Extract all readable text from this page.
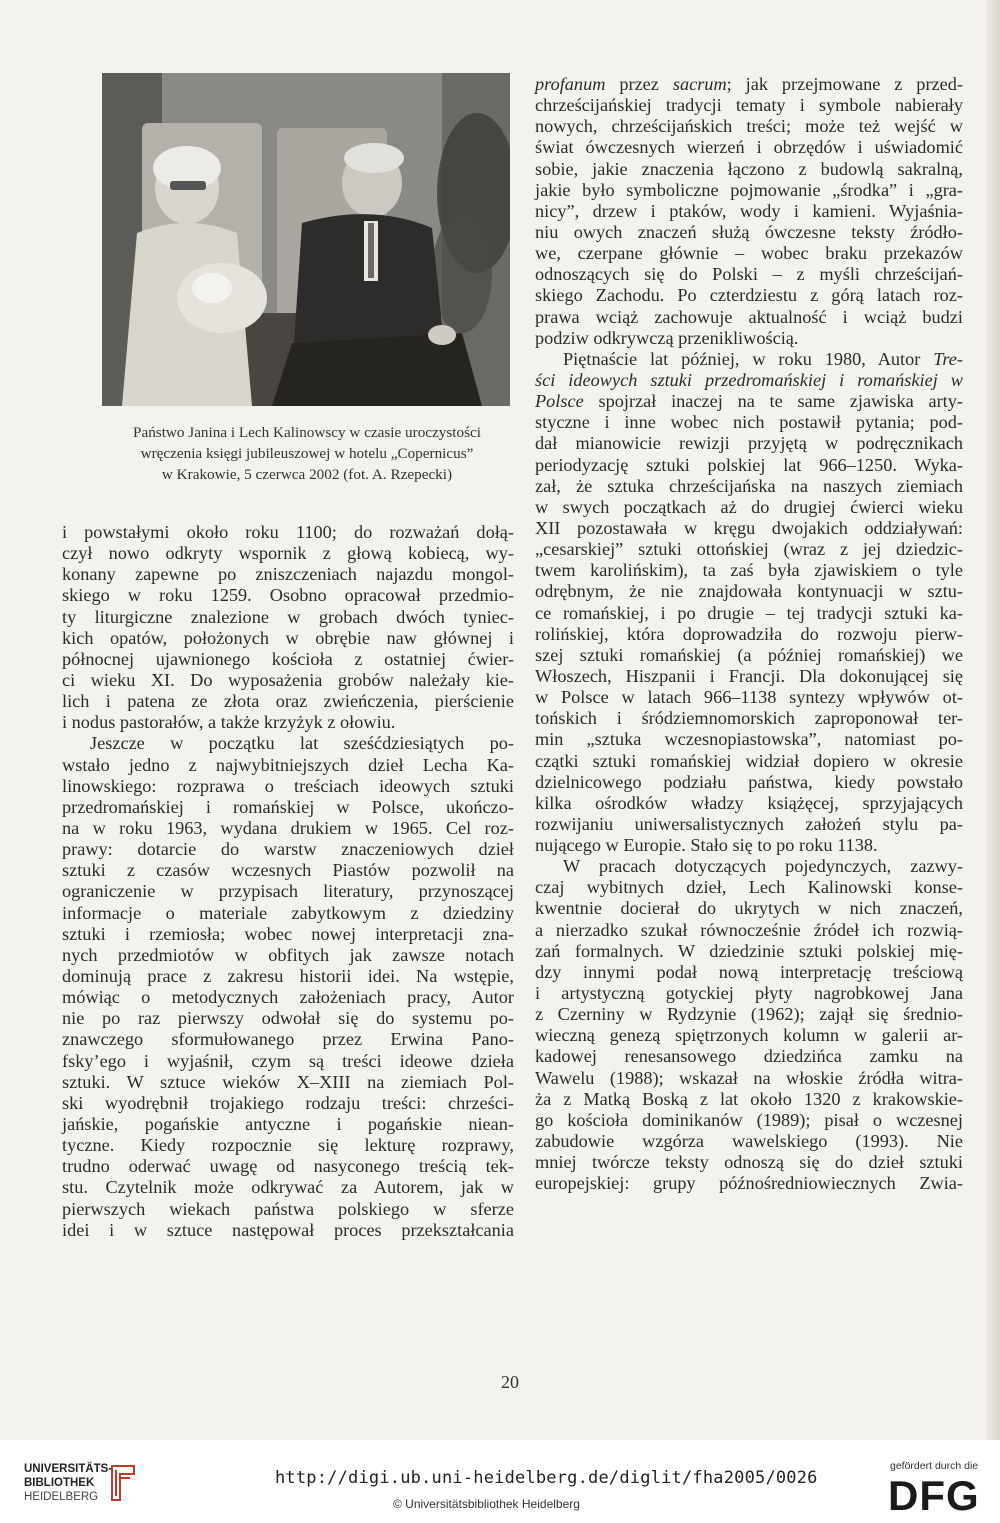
Państwo Janina i Lech Kalinowscy w czasie uroczystości
wręczenia księgi jubileuszowej w hotelu „Copernicus”
w Krakowie, 5 czerwca 2002 (fot. A. Rzepecki)
i powstałymi około roku 1100; do rozważań dołą-
czył nowo odkryty wspornik z głową kobiecą, wy-
konany zapewne po zniszczeniach najazdu mongol-
skiego w roku 1259. Osobno opracował przedmio-
ty liturgiczne znalezione w grobach dwóch tyniec-
kich opatów, położonych w obrębie naw głównej i
północnej ujawnionego kościoła z ostatniej ćwier-
ci wieku XI. Do wyposażenia grobów należały kie-
lich i patena ze złota oraz zwieńczenia, pierścienie
i nodus pastorałów, a także krzyżyk z ołowiu.
Jeszcze w początku lat sześćdziesiątych po-
wstało jedno z najwybitniejszych dzieł Lecha Ka-
linowskiego: rozprawa o treściach ideowych sztuki
przedromańskiej i romańskiej w Polsce, ukończo-
na w roku 1963, wydana drukiem w 1965. Cel roz-
prawy: dotarcie do warstw znaczeniowych dzieł
sztuki z czasów wczesnych Piastów pozwolił na
ograniczenie w przypisach literatury, przynoszącej
informacje o materiale zabytkowym z dziedziny
sztuki i rzemiosła; wobec nowej interpretacji zna-
nych przedmiotów w obfitych jak zawsze notach
dominują prace z zakresu historii idei. Na wstępie,
mówiąc o metodycznych założeniach pracy, Autor
nie po raz pierwszy odwołał się do systemu po-
znawczego sformułowanego przez Erwina Pano-
fsky’ego i wyjaśnił, czym są treści ideowe dzieła
sztuki. W sztuce wieków X–XIII na ziemiach Pol-
ski wyodrębnił trojakiego rodzaju treści: chrześci-
jańskie, pogańskie antyczne i pogańskie niean-
tyczne. Kiedy rozpocznie się lekturę rozprawy,
trudno oderwać uwagę od nasyconego treścią tek-
stu. Czytelnik może odkrywać za Autorem, jak w
pierwszych wiekach państwa polskiego w sferze
idei i w sztuce następował proces przekształcania
profanum przez sacrum; jak przejmowane z przed-
chrześcijańskiej tradycji tematy i symbole nabierały
nowych, chrześcijańskich treści; może też wejść w
świat ówczesnych wierzeń i obrzędów i uświadomić
sobie, jakie znaczenia łączono z budowlą sakralną,
jakie było symboliczne pojmowanie „środka” i „gra-
nicy”, drzew i ptaków, wody i kamieni. Wyjaśnia-
niu owych znaczeń służą ówczesne teksty źródło-
we, czerpane głównie – wobec braku przekazów
odnoszących się do Polski – z myśli chrześcijań-
skiego Zachodu. Po czterdziestu z górą latach roz-
prawa wciąż zachowuje aktualność i wciąż budzi
podziw odkrywczą przenikliwością.
Piętnaście lat później, w roku 1980, Autor Tre-
ści ideowych sztuki przedromańskiej i romańskiej w
Polsce spojrzał inaczej na te same zjawiska arty-
styczne i inne wobec nich postawił pytania; pod-
dał mianowicie rewizji przyjętą w podręcznikach
periodyzację sztuki polskiej lat 966–1250. Wyka-
zał, że sztuka chrześcijańska na naszych ziemiach
w swych początkach aż do drugiej ćwierci wieku
XII pozostawała w kręgu dwojakich oddziaływań:
„cesarskiej” sztuki ottońskiej (wraz z jej dziedzic-
twem karolińskim), ta zaś była zjawiskiem o tyle
odrębnym, że nie znajdowała kontynuacji w sztu-
ce romańskiej, i po drugie – tej tradycji sztuki ka-
rolińskiej, która doprowadziła do rozwoju pierw-
szej sztuki romańskiej (a później romańskiej) we
Włoszech, Hiszpanii i Francji. Dla dokonującej się
w Polsce w latach 966–1138 syntezy wpływów ot-
tońskich i śródziemnomorskich zaproponował ter-
min „sztuka wczesnopiastowska”, natomiast po-
czątki sztuki romańskiej widział dopiero w okresie
dzielnicowego podziału państwa, kiedy powstało
kilka ośrodków władzy książęcej, sprzyjających
rozwijaniu uniwersalistycznych założeń stylu pa-
nującego w Europie. Stało się to po roku 1138.
W pracach dotyczących pojedynczych, zazwy-
czaj wybitnych dzieł, Lech Kalinowski konse-
kwentnie docierał do ukrytych w nich znaczeń,
a nierzadko szukał równocześnie źródeł ich rozwią-
zań formalnych. W dziedzinie sztuki polskiej mię-
dzy innymi podał nową interpretację treściową
i artystyczną gotyckiej płyty nagrobkowej Jana
z Czerniny w Rydzynie (1962); zajął się średnio-
wieczną genezą spiętrzonych kolumn w galerii ar-
kadowej renesansowego dziedzińca zamku na
Wawelu (1988); wskazał na włoskie źródła witra-
ża z Matką Boską z lat około 1320 z krakowskie-
go kościoła dominikanów (1989); pisał o wczesnej
zabudowie wzgórza wawelskiego (1993). Nie
mniej twórcze teksty odnoszą się do dzieł sztuki
europejskiej: grupy późnośredniowiecznych Zwia-
20
UNIVERSITÄTS-
BIBLIOTHEK
HEIDELBERG
http://digi.ub.uni-heidelberg.de/diglit/fha2005/0026
© Universitätsbibliothek Heidelberg
gefördert durch die
DFG
